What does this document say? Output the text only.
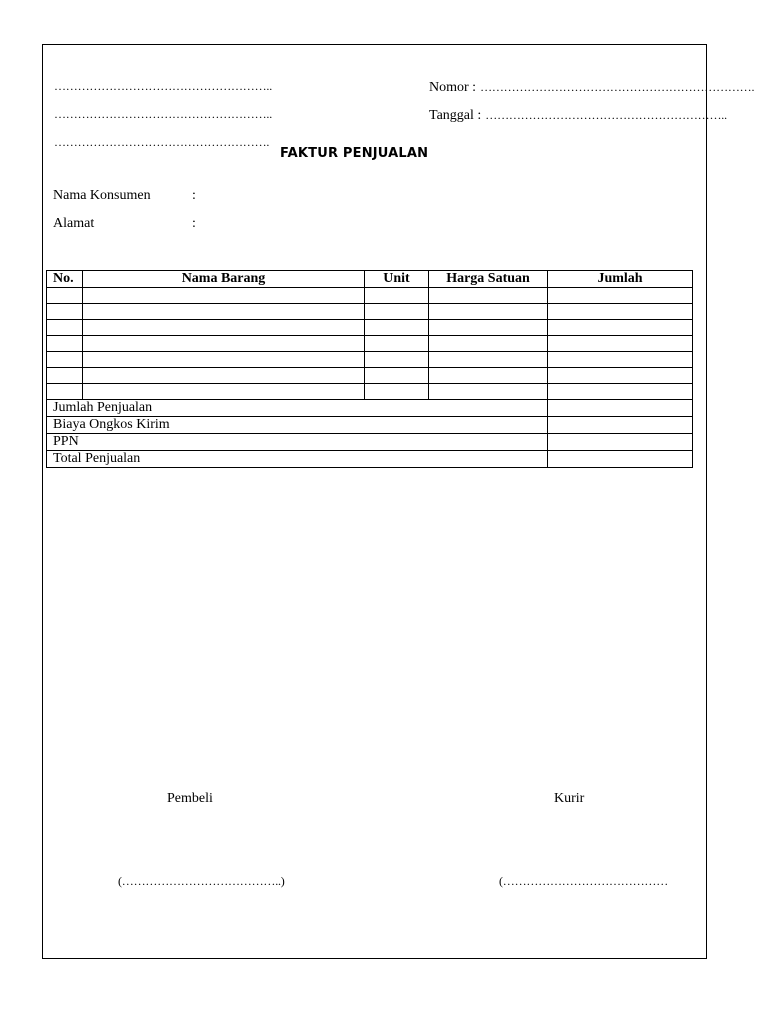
………………………………………………..
………………………………………………..
……………………………………………….
Nomor : …………………………………………………………….
Tanggal : ……………………………………………………..
FAKTUR PENJUALAN
Nama Konsumen	:
Alamat	:
No.	Nama Barang	Unit	Harga Satuan	Jumlah

Jumlah Penjualan				
Biaya Ongkos Kirim				
PPN				
Total Penjualan				
Pembeli	Kurir
(…………………………………..)	(……………………………………
